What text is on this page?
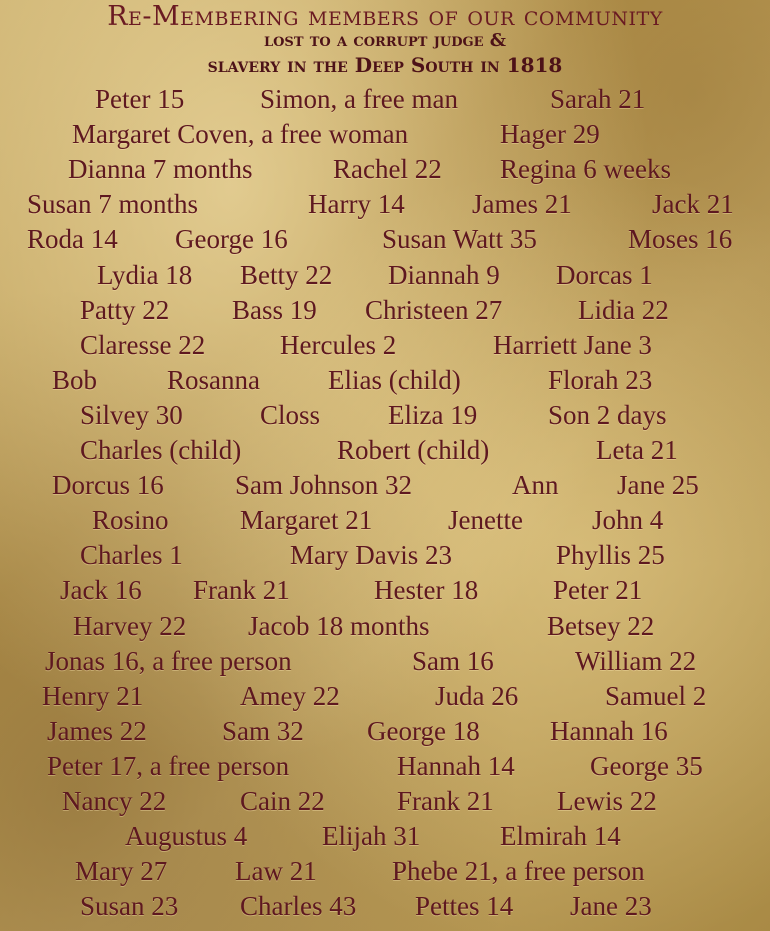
Re-Membering members of our community
lost to a corrupt judge &
slavery in the Deep South in 1818
Peter 15	Simon, a free man	Sarah 21
Margaret Coven, a free woman	Hager 29
Dianna 7 months	Rachel 22 Regina 6 weeks
Susan 7 months	Harry 14 James 21	Jack 21
Roda 14 George 16	Susan Watt 35	Moses 16
Lydia 18 Betty 22 Diannah 9 Dorcas 1
Patty 22 Bass 19 Christeen 27	Lidia 22
Claresse 22	Hercules 2	Harriett Jane 3
Bob	Rosanna	Elias (child)	Florah 23
Silvey 30	Closs	Eliza 19	Son 2 days
Charles (child)	Robert (child)	Leta 21
Dorcus 16	Sam Johnson 32	Ann Jane 25
Rosino	Margaret 21	Jenette	John 4
Charles 1	Mary Davis 23	Phyllis 25
Jack 16 Frank 21	Hester 18	Peter 21
Harvey 22 Jacob 18 months	Betsey 22
Jonas 16, a free person	Sam 16	William 22
Henry 21	Amey 22	Juda 26	Samuel 2
James 22	Sam 32 George 18	Hannah 16
Peter 17, a free person	Hannah 14	George 35
Nancy 22	Cain 22	Frank 21 Lewis 22
Augustus 4	Elijah 31	Elmirah 14
Mary 27	Law 21	Phebe 21, a free person
Susan 23 Charles 43 Pettes 14 Jane 23
